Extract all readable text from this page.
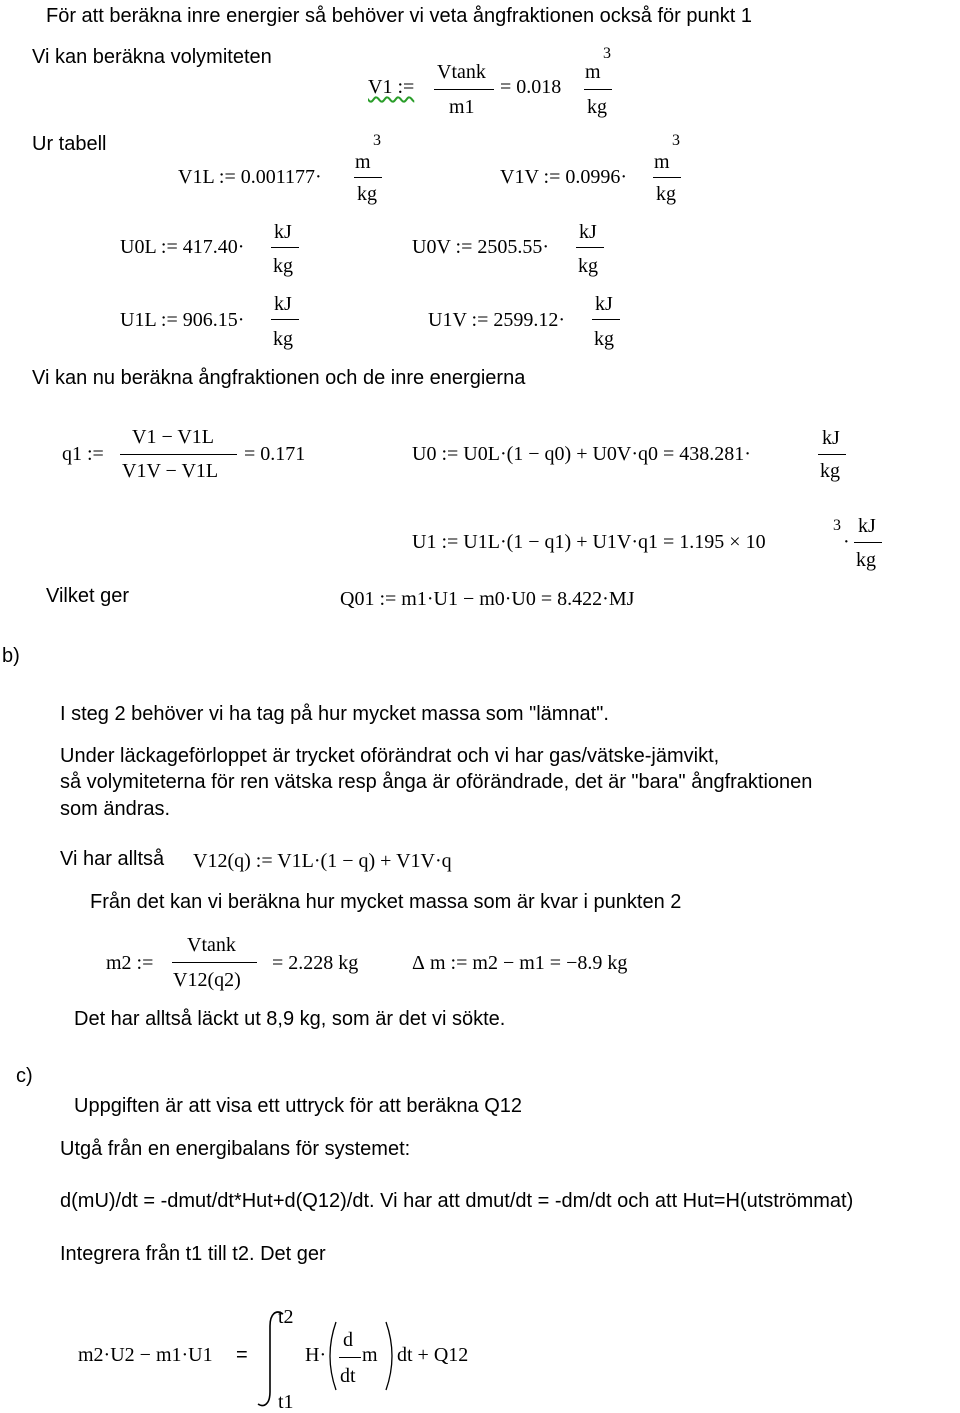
För att beräkna inre energier så behöver vi veta ångfraktionen också för punkt 1
Vi kan beräkna volymiteten
V1 :=
Vtank
m1
= 0.018
m
3
kg
Ur tabell
V1L := 0.001177·
m
3
kg
V1V := 0.0996·
m
3
kg
U0L := 417.40·
kJ
kg
U0V := 2505.55·
kJ
kg
U1L := 906.15·
kJ
kg
U1V := 2599.12·
kJ
kg
Vi kan nu beräkna ångfraktionen och de inre energierna
q1 :=
V1 − V1L
V1V − V1L
= 0.171	U0 := U0L·(1 − q0) + U0V·q0 = 438.281·
kJ
kg
U1 := U1L·(1 − q1) + U1V·q1 = 1.195 × 10
3
·
kJ
kg
Vilket ger	Q01 := m1·U1 − m0·U0 = 8.422·MJ
b)
I steg 2 behöver vi ha tag på hur mycket massa som "lämnat".
Under läckageförloppet är trycket oförändrat och vi har gas/vätske-jämvikt,
så volymiteterna för ren vätska resp ånga är oförändrade, det är "bara" ångfraktionen
som ändras.
Vi har alltså V12(q) := V1L·(1 − q) + V1V·q
Från det kan vi beräkna hur mycket massa som är kvar i punkten 2
m2 :=
Vtank
V12(q2)
= 2.228 kg	Δ m := m2 − m1 = −8.9 kg
Det har alltså läckt ut 8,9 kg, som är det vi sökte.
c)
Uppgiften är att visa ett uttryck för att beräkna Q12
Utgå från en energibalans för systemet:
d(mU)/dt = -dmut/dt*Hut+d(Q12)/dt. Vi har att dmut/dt = -dm/dt och att Hut=H(utströmmat)
Integrera från t1 till t2. Det ger
m2·U2 − m1·U1 =
t2
t1
H·
d
dt
m dt + Q12
